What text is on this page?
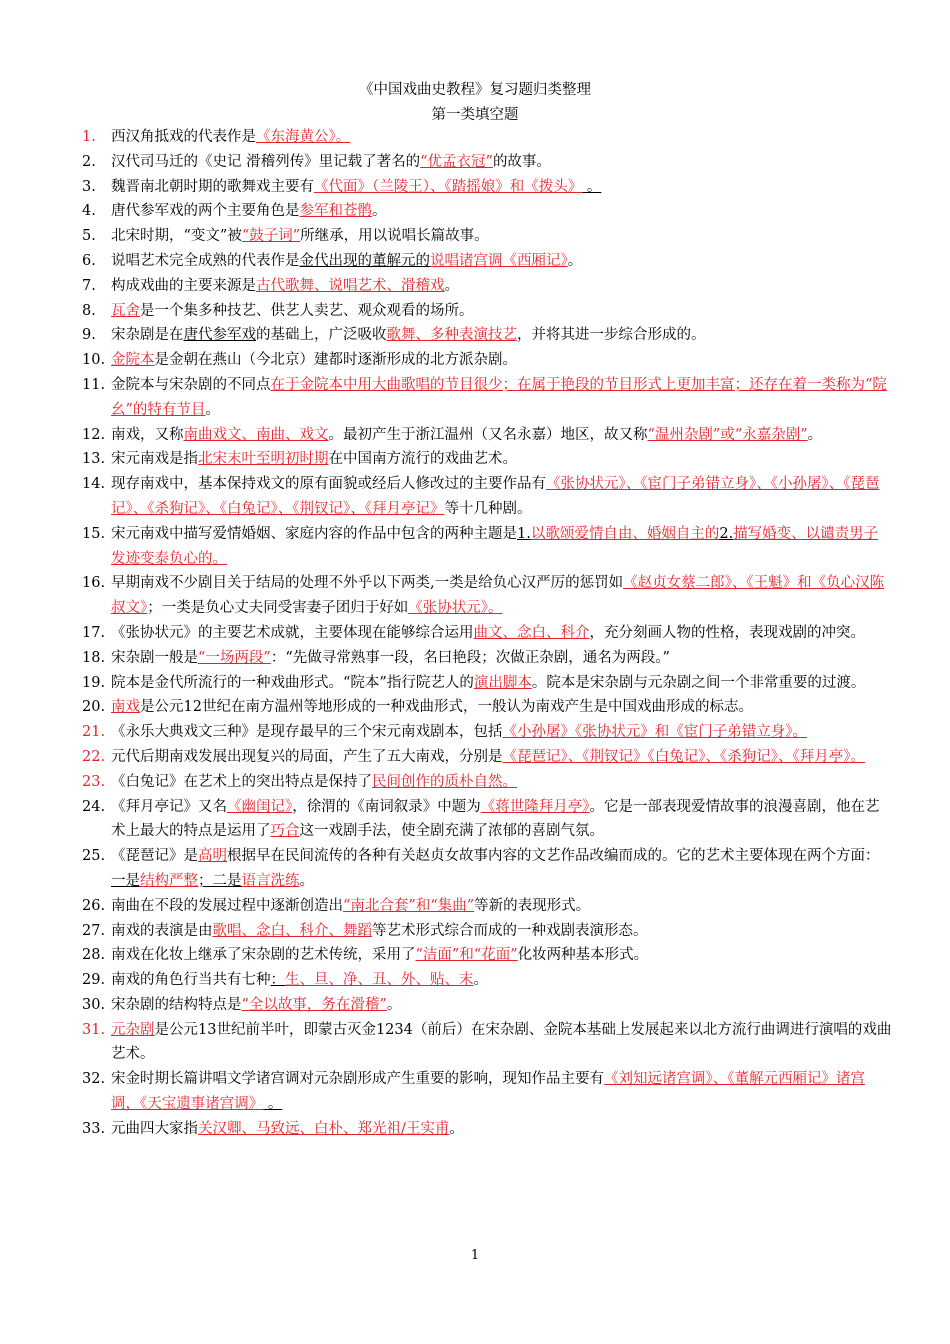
《中国戏曲史教程》复习题归类整理
第一类填空题
1. 西汉角抵戏的代表作是《东海黄公》。
2. 汉代司马迁的《史记 滑稽列传》里记载了著名的“优孟衣冠”的故事。
3. 魏晋南北朝时期的歌舞戏主要有《代面》（兰陵王）、《踏摇娘》和《拨头》 。
4. 唐代参军戏的两个主要角色是参军和苍鹘。
5. 北宋时期，“变文”被“鼓子词”所继承，用以说唱长篇故事。
6. 说唱艺术完全成熟的代表作是金代出现的董解元的说唱诸宫调《西厢记》。
7. 构成戏曲的主要来源是古代歌舞、说唱艺术、滑稽戏。
8. 瓦舍是一个集多种技艺、供艺人卖艺、观众观看的场所。
9. 宋杂剧是在唐代参军戏的基础上，广泛吸收歌舞、多种表演技艺，并将其进一步综合形成的。
10. 金院本是金朝在燕山（今北京）建都时逐渐形成的北方派杂剧。
11. 金院本与宋杂剧的不同点在于金院本中用大曲歌唱的节目很少；在属于艳段的节目形式上更加丰富；还存在着一类称为“院幺”的特有节目。
12. 南戏，又称南曲戏文、南曲、戏文。最初产生于浙江温州（又名永嘉）地区，故又称“温州杂剧”或“永嘉杂剧”。
13. 宋元南戏是指北宋末叶至明初时期在中国南方流行的戏曲艺术。
14. 现存南戏中，基本保持戏文的原有面貌或经后人修改过的主要作品有《张协状元》、《宦门子弟错立身》、《小孙屠》、《琵琶记》、《杀狗记》、《白兔记》、《荆钗记》、《拜月亭记》等十几种剧。
15. 宋元南戏中描写爱情婚姻、家庭内容的作品中包含的两种主题是1.以歌颂爱情自由、婚姻自主的2.描写婚变、以谴责男子发迹变泰负心的。
16. 早期南戏不少剧目关于结局的处理不外乎以下两类,一类是给负心汉严厉的惩罚如《赵贞女蔡二郎》、《王魁》和《负心汉陈叔文》；一类是负心丈夫同受害妻子团归于好如《张协状元》。
17. 《张协状元》的主要艺术成就，主要体现在能够综合运用曲文、念白、科介，充分刻画人物的性格，表现戏剧的冲突。
18. 宋杂剧一般是“一场两段”：“先做寻常熟事一段，名曰艳段；次做正杂剧，通名为两段。”
19. 院本是金代所流行的一种戏曲形式。“院本”指行院艺人的演出脚本。院本是宋杂剧与元杂剧之间一个非常重要的过渡。
20. 南戏是公元12世纪在南方温州等地形成的一种戏曲形式，一般认为南戏产生是中国戏曲形成的标志。
21. 《永乐大典戏文三种》是现存最早的三个宋元南戏剧本，包括《小孙屠》《张协状元》和《宦门子弟错立身》。
22. 元代后期南戏发展出现复兴的局面，产生了五大南戏，分别是《琵琶记》、《荆钗记》《白兔记》、《杀狗记》、《拜月亭》。
23. 《白兔记》在艺术上的突出特点是保持了民间创作的质朴自然。
24. 《拜月亭记》又名《幽闺记》，徐渭的《南词叙录》中题为《蒋世隆拜月亭》。它是一部表现爱情故事的浪漫喜剧，他在艺术上最大的特点是运用了巧合这一戏剧手法，使全剧充满了浓郁的喜剧气氛。
25. 《琵琶记》是高明根据早在民间流传的各种有关赵贞女故事内容的文艺作品改编而成的。它的艺术主要体现在两个方面：一是结构严整；二是语言洗练。
26. 南曲在不段的发展过程中逐渐创造出“南北合套”和“集曲”等新的表现形式。
27. 南戏的表演是由歌唱、念白、科介、舞蹈等艺术形式综合而成的一种戏剧表演形态。
28. 南戏在化妆上继承了宋杂剧的艺术传统，采用了“洁面”和“花面”化妆两种基本形式。
29. 南戏的角色行当共有七种：生、旦、净、丑、外、贴、末。
30. 宋杂剧的结构特点是“全以故事，务在滑稽”。
31. 元杂剧是公元13世纪前半叶，即蒙古灭金1234（前后）在宋杂剧、金院本基础上发展起来以北方流行曲调进行演唱的戏曲艺术。
32. 宋金时期长篇讲唱文学诸宫调对元杂剧形成产生重要的影响，现知作品主要有《刘知远诸宫调》、《董解元西厢记》诸宫调，《天宝遗事诸宫调》 。
33. 元曲四大家指关汉卿、马致远、白朴、郑光祖/王实甫。
1
